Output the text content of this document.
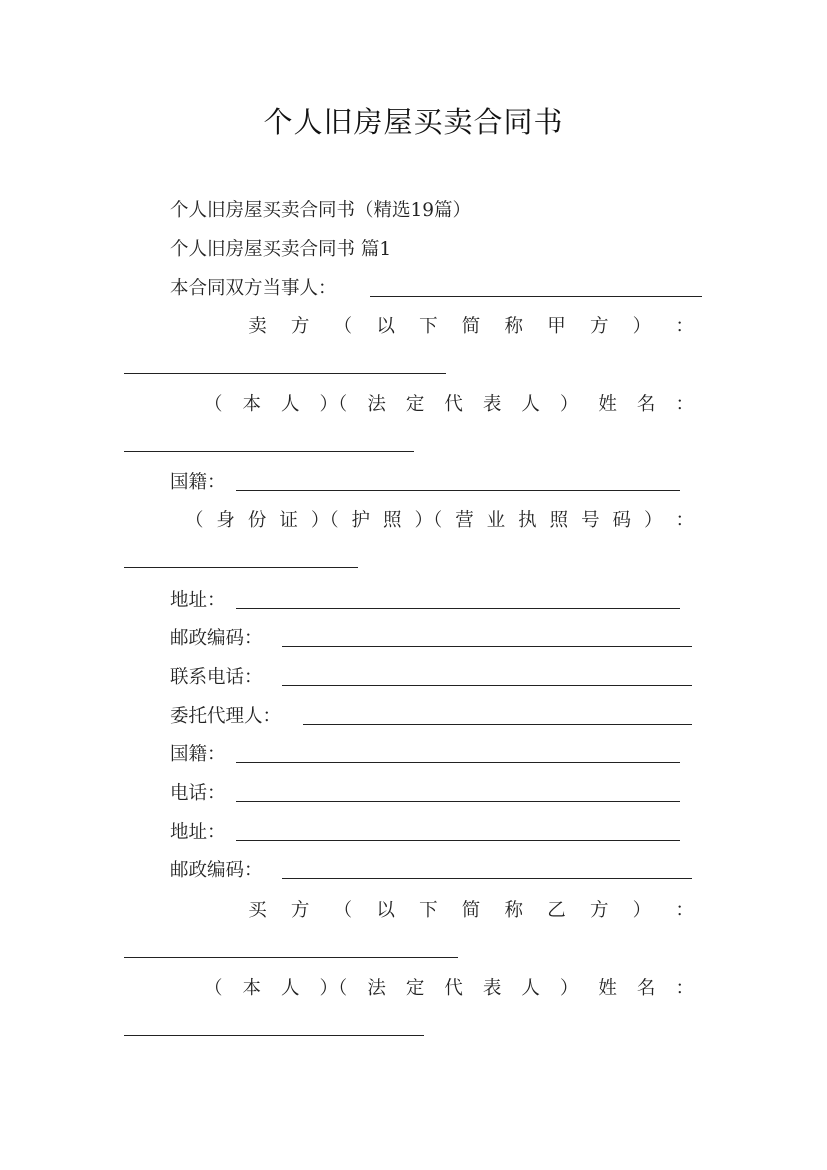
个人旧房屋买卖合同书
个人旧房屋买卖合同书（精选19篇）
个人旧房屋买卖合同书 篇1
本合同双方当事人：
卖 方 （ 以 下 简 称 甲 方 ） ：
（ 本 人 ）（ 法 定 代 表 人 ） 姓 名 ：
国籍：
（ 身 份 证 ）（ 护 照 ）（ 营 业 执 照 号 码 ） ：
地址：
邮政编码：
联系电话：
委托代理人：
国籍：
电话：
地址：
邮政编码：
买 方 （ 以 下 简 称 乙 方 ） ：
（ 本 人 ）（ 法 定 代 表 人 ） 姓 名 ：
